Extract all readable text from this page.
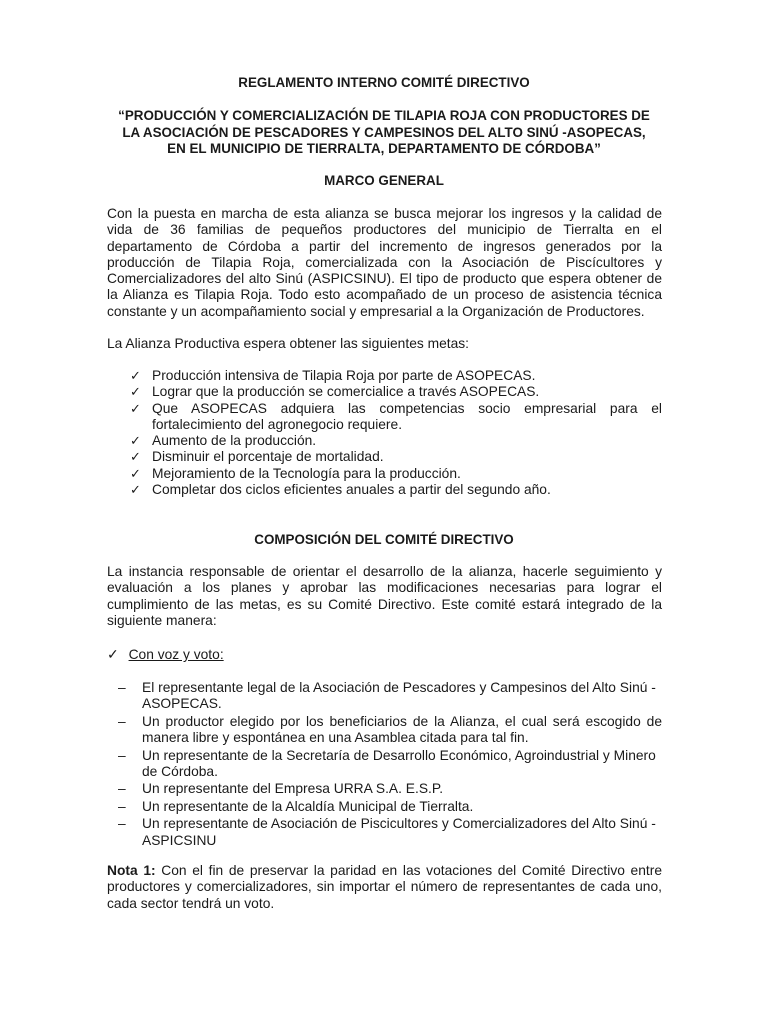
REGLAMENTO INTERNO COMITÉ DIRECTIVO

“PRODUCCIÓN Y COMERCIALIZACIÓN DE TILAPIA ROJA CON PRODUCTORES DE

LA ASOCIACIÓN DE PESCADORES Y CAMPESINOS DEL ALTO SINÚ -ASOPECAS,

EN EL MUNICIPIO DE TIERRALTA, DEPARTAMENTO DE CÓRDOBA”

MARCO GENERAL

Con la puesta en marcha de esta alianza se busca mejorar los ingresos y la calidad de
vida de 36 familias de pequeños productores del municipio de Tierralta en el
departamento de Córdoba a partir del incremento de ingresos generados por la
producción de Tilapia Roja, comercializada con la Asociación de Piscícultores y
Comercializadores del alto Sinú (ASPICSINU). El tipo de producto que espera obtener de
la Alianza es Tilapia Roja. Todo esto acompañado de un proceso de asistencia técnica
constante y un acompañamiento social y empresarial a la Organización de Productores.

La Alianza Productiva espera obtener las siguientes metas:

✓ Producción intensiva de Tilapia Roja por parte de ASOPECAS.
✓ Lograr que la producción se comercialice a través ASOPECAS.
✓ Que ASOPECAS adquiera las competencias socio empresarial para el fortalecimiento del agronegocio requiere.
✓ Aumento de la producción.
✓ Disminuir el porcentaje de mortalidad.
✓ Mejoramiento de la Tecnología para la producción.
✓ Completar dos ciclos eficientes anuales a partir del segundo año.

COMPOSICIÓN DEL COMITÉ DIRECTIVO

La instancia responsable de orientar el desarrollo de la alianza, hacerle seguimiento y
evaluación a los planes y aprobar las modificaciones necesarias para lograr el
cumplimiento de las metas, es su Comité Directivo. Este comité estará integrado de la
siguiente manera:

✓ Con voz y voto:
– El representante legal de la Asociación de Pescadores y Campesinos del Alto Sinú - ASOPECAS.
– Un productor elegido por los beneficiarios de la Alianza, el cual será escogido de manera libre y espontánea en una Asamblea citada para tal fin.
– Un representante de la Secretaría de Desarrollo Económico, Agroindustrial y Minero de Córdoba.
– Un representante del Empresa URRA S.A. E.S.P.
– Un representante de la Alcaldía Municipal de Tierralta.
– Un representante de Asociación de Piscicultores y Comercializadores del Alto Sinú - ASPICSINU

Nota 1: Con el fin de preservar la paridad en las votaciones del Comité Directivo entre
productores y comercializadores, sin importar el número de representantes de cada uno,
cada sector tendrá un voto.
